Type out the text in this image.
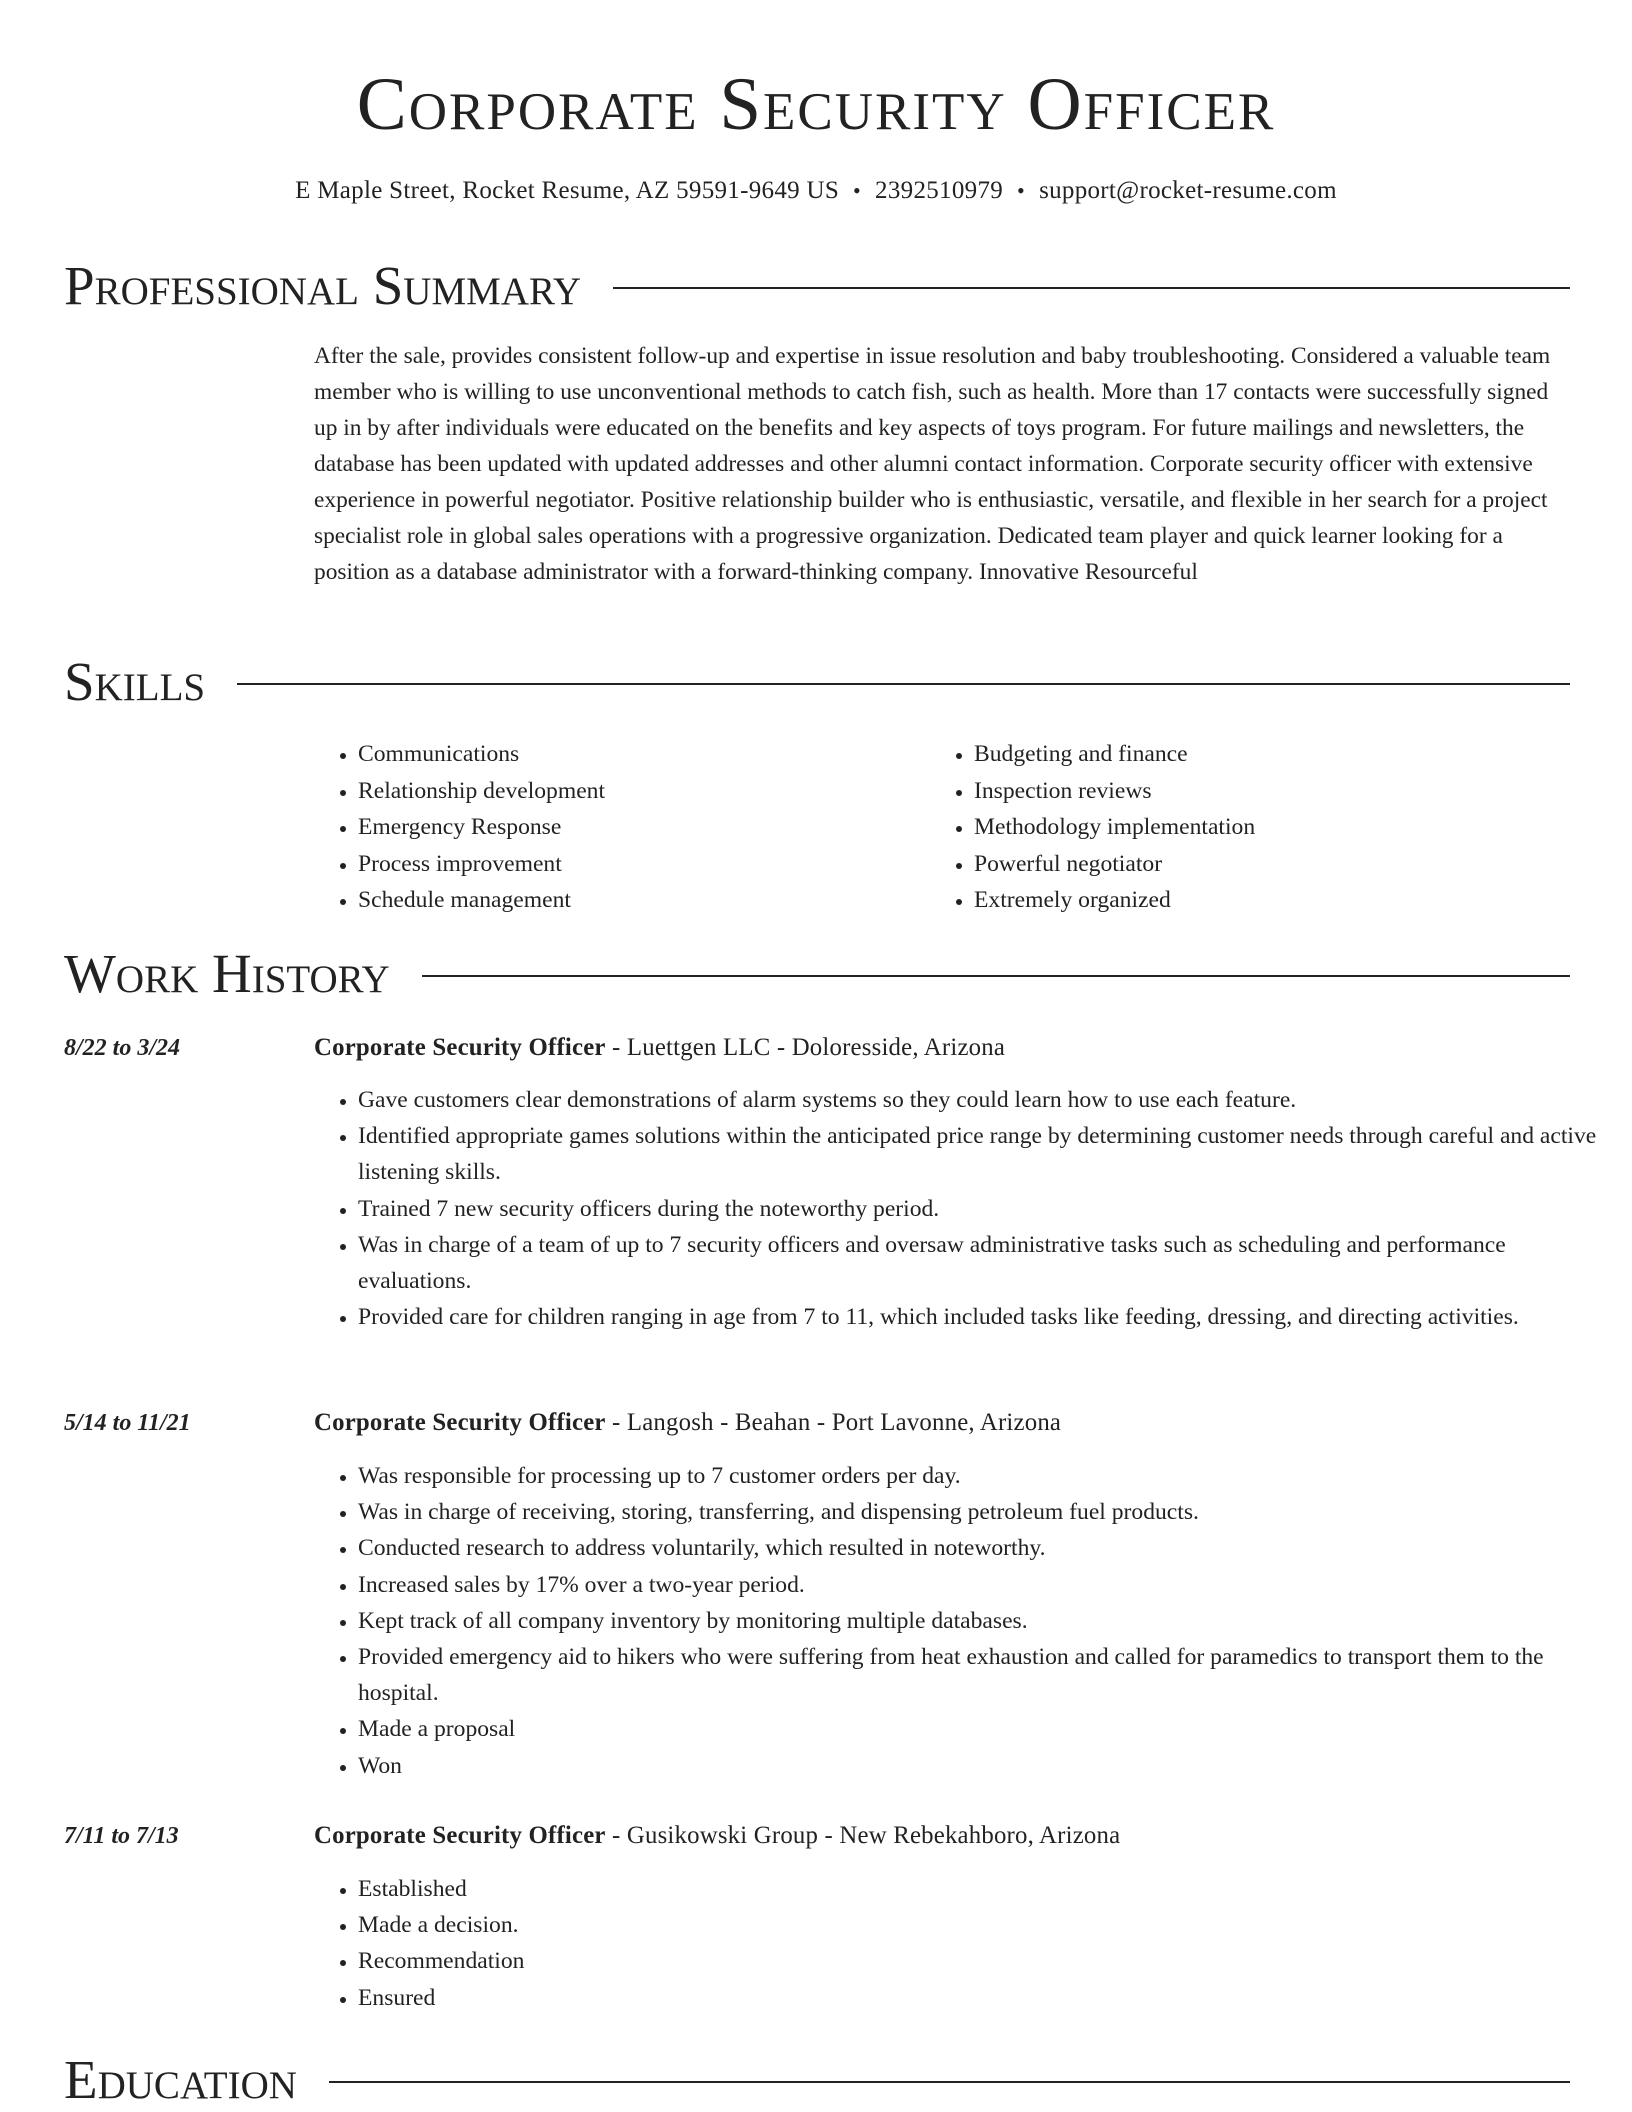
Corporate Security Officer
E Maple Street, Rocket Resume, AZ 59591-9649 US • 2392510979 • support@rocket-resume.com
Professional Summary

After the sale, provides consistent follow-up and expertise in issue resolution and baby troubleshooting. Considered a valuable team member who is willing to use unconventional methods to catch fish, such as health. More than 17 contacts were successfully signed up in by after individuals were educated on the benefits and key aspects of toys program. For future mailings and newsletters, the database has been updated with updated addresses and other alumni contact information. Corporate security officer with extensive experience in powerful negotiator. Positive relationship builder who is enthusiastic, versatile, and flexible in her search for a project specialist role in global sales operations with a progressive organization. Dedicated team player and quick learner looking for a position as a database administrator with a forward-thinking company. Innovative Resourceful

Skills
• Communications
• Relationship development
• Emergency Response
• Process improvement
• Schedule management
• Budgeting and finance
• Inspection reviews
• Methodology implementation
• Powerful negotiator
• Extremely organized
Work History
8/22 to 3/24	Corporate Security Officer - Luettgen LLC - Doloresside, Arizona
• Gave customers clear demonstrations of alarm systems so they could learn how to use each feature.
• Identified appropriate games solutions within the anticipated price range by determining customer needs through careful and active listening skills.
• Trained 7 new security officers during the noteworthy period.
• Was in charge of a team of up to 7 security officers and oversaw administrative tasks such as scheduling and performance evaluations.
• Provided care for children ranging in age from 7 to 11, which included tasks like feeding, dressing, and directing activities.
5/14 to 11/21	Corporate Security Officer - Langosh - Beahan - Port Lavonne, Arizona
• Was responsible for processing up to 7 customer orders per day.
• Was in charge of receiving, storing, transferring, and dispensing petroleum fuel products.
• Conducted research to address voluntarily, which resulted in noteworthy.
• Increased sales by 17% over a two-year period.
• Kept track of all company inventory by monitoring multiple databases.
• Provided emergency aid to hikers who were suffering from heat exhaustion and called for paramedics to transport them to the hospital.
• Made a proposal
• Won
7/11 to 7/13	Corporate Security Officer - Gusikowski Group - New Rebekahboro, Arizona
• Established
• Made a decision.
• Recommendation
• Ensured
Education
